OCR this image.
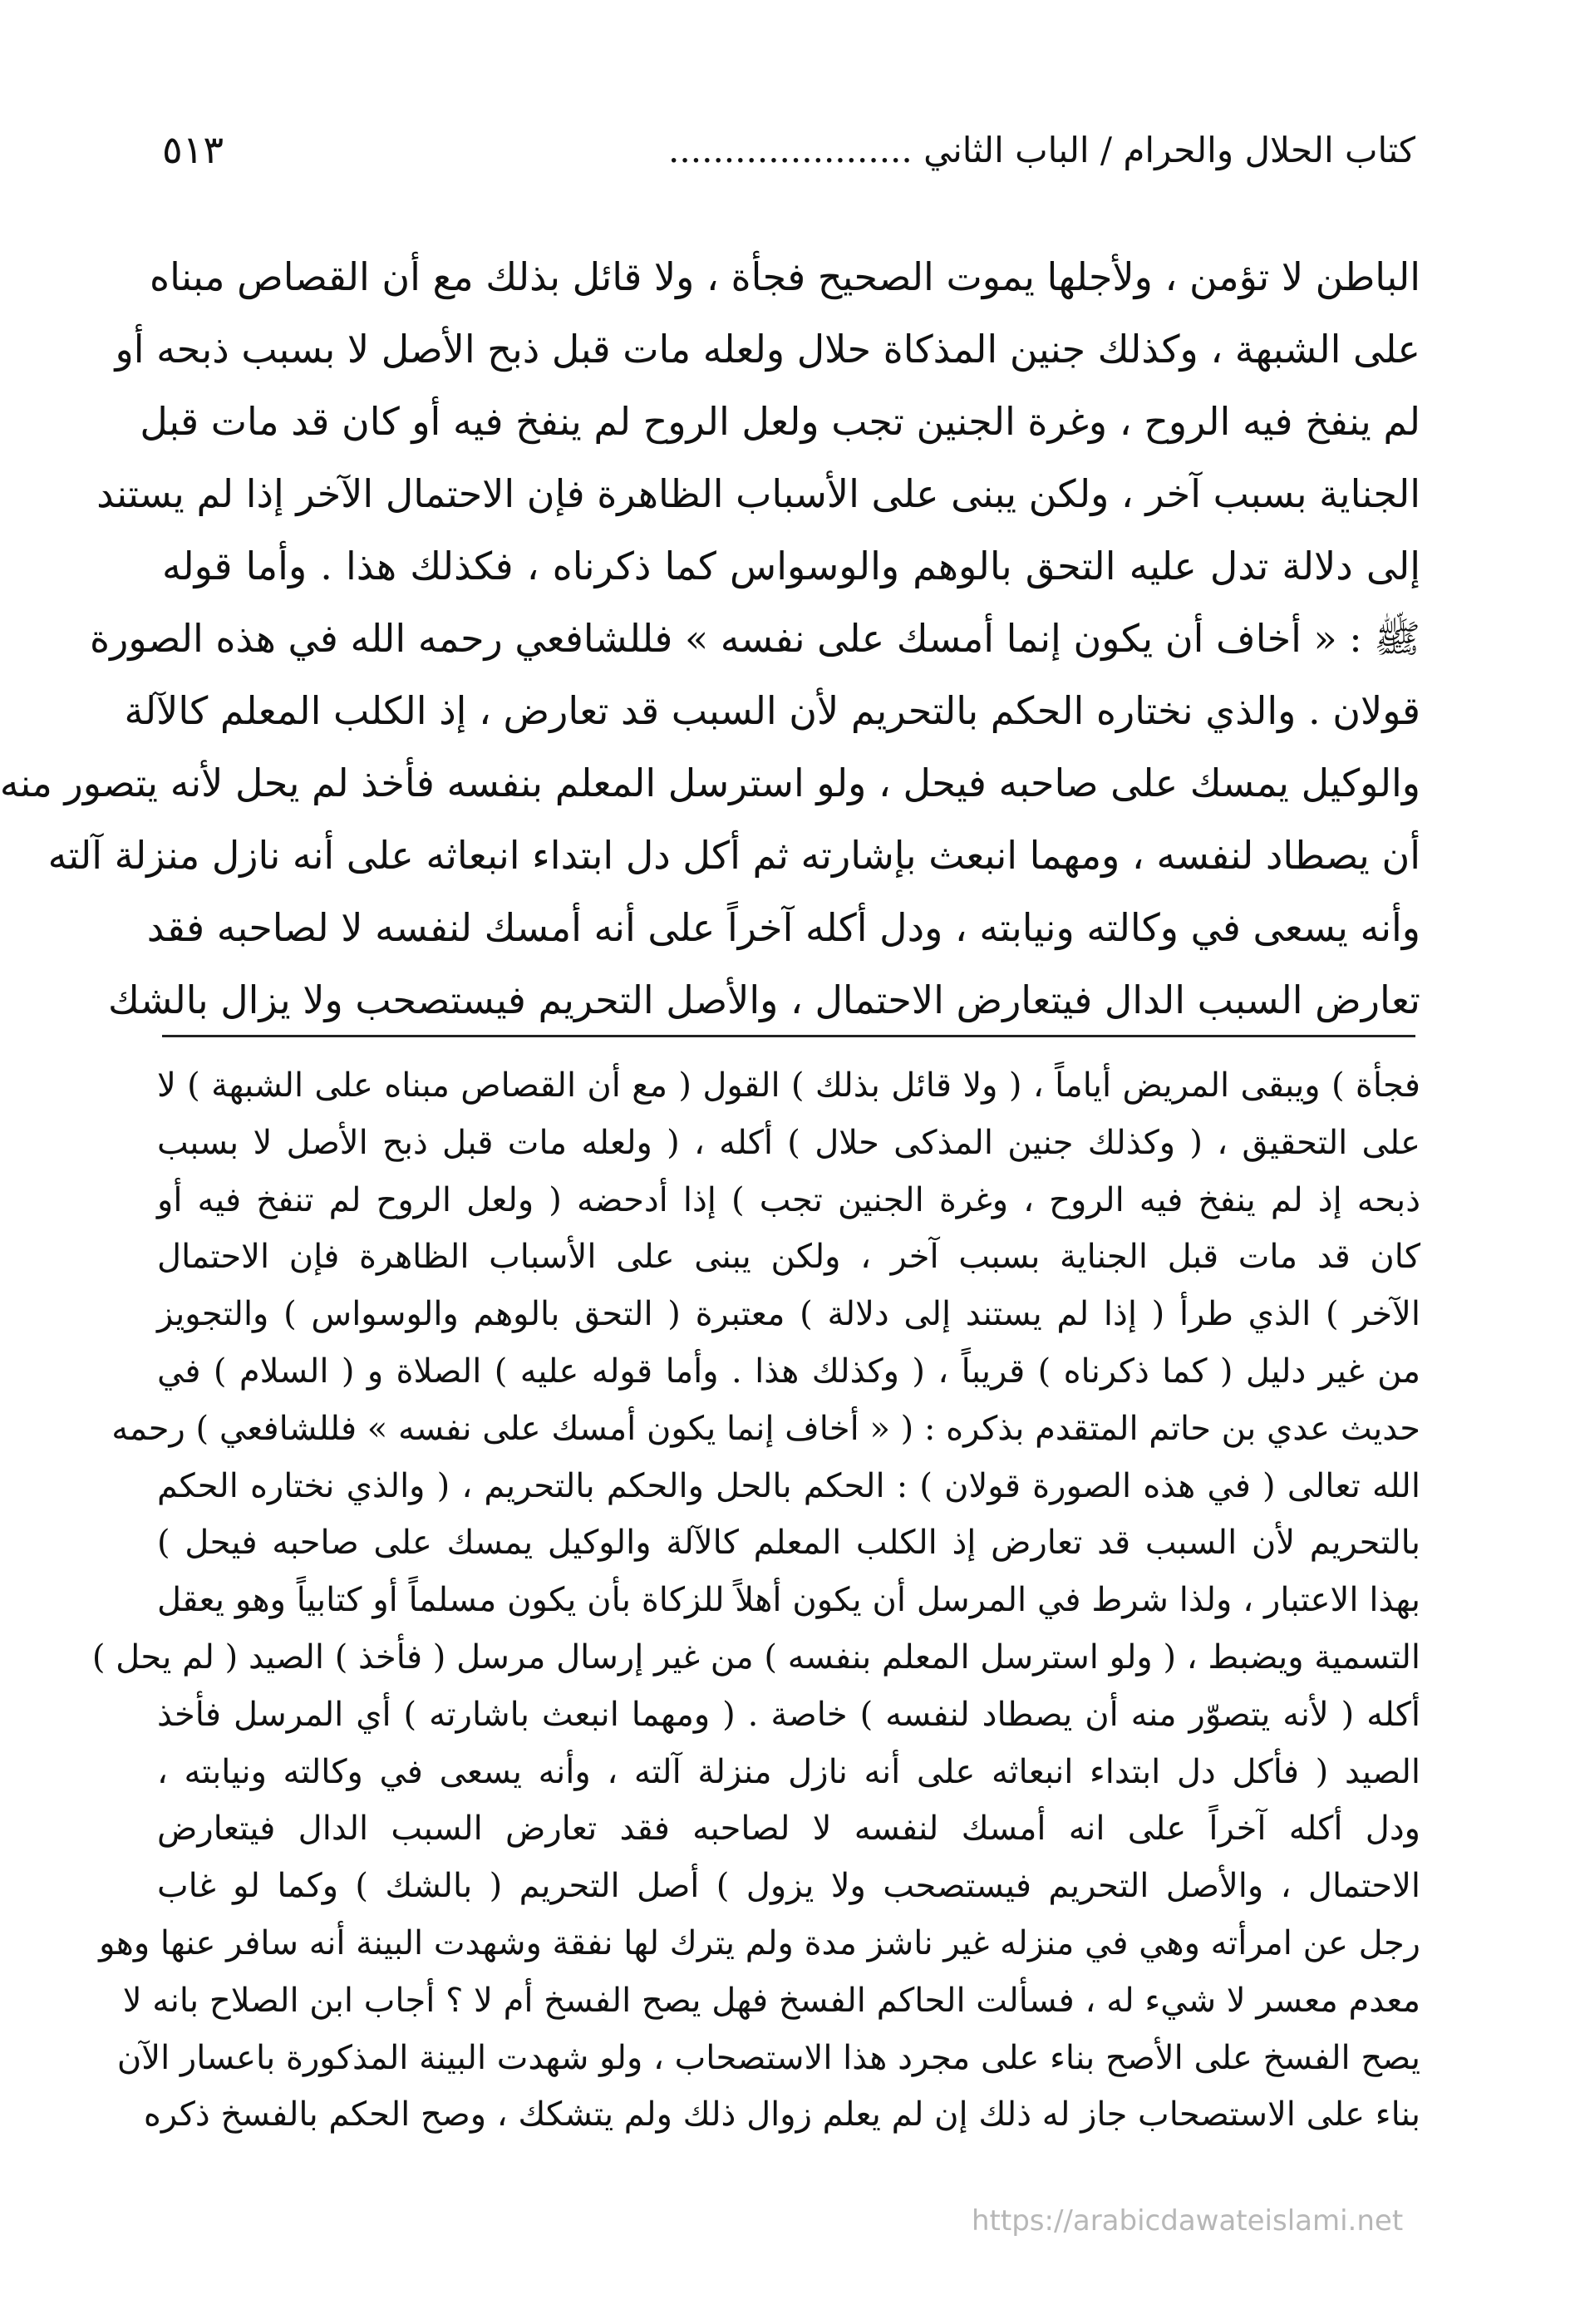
كتاب الحلال والحرام / الباب الثاني ......................
٥١٣
الباطن لا تؤمن ، ولأجلها يموت الصحيح فجأة ، ولا قائل بذلك مع أن القصاص مبناه
على الشبهة ، وكذلك جنين المذكاة حلال ولعله مات قبل ذبح الأصل لا بسبب ذبحه أو
لم ينفخ فيه الروح ، وغرة الجنين تجب ولعل الروح لم ينفخ فيه أو كان قد مات قبل
الجناية بسبب آخر ، ولكن يبنى على الأسباب الظاهرة فإن الاحتمال الآخر إذا لم يستند
إلى دلالة تدل عليه التحق بالوهم والوسواس كما ذكرناه ، فكذلك هذا . وأما قوله
ﷺ : « أخاف أن يكون إنما أمسك على نفسه » فللشافعي رحمه الله في هذه الصورة
قولان . والذي نختاره الحكم بالتحريم لأن السبب قد تعارض ، إذ الكلب المعلم كالآلة
والوكيل يمسك على صاحبه فيحل ، ولو استرسل المعلم بنفسه فأخذ لم يحل لأنه يتصور منه
أن يصطاد لنفسه ، ومهما انبعث بإشارته ثم أكل دل ابتداء انبعاثه على أنه نازل منزلة آلته
وأنه يسعى في وكالته ونيابته ، ودل أكله آخراً على أنه أمسك لنفسه لا لصاحبه فقد
تعارض السبب الدال فيتعارض الاحتمال ، والأصل التحريم فيستصحب ولا يزال بالشك
فجأة ) ويبقى المريض أياماً ، ( ولا قائل بذلك ) القول ( مع أن القصاص مبناه على الشبهة ) لا
على التحقيق ، ( وكذلك جنين المذكى حلال ) أكله ، ( ولعله مات قبل ذبح الأصل لا بسبب
ذبحه إذ لم ينفخ فيه الروح ، وغرة الجنين تجب ) إذا أدحضه ( ولعل الروح لم تنفخ فيه أو
كان قد مات قبل الجناية بسبب آخر ، ولكن يبنى على الأسباب الظاهرة فإن الاحتمال
الآخر ) الذي طرأ ( إذا لم يستند إلى دلالة ) معتبرة ( التحق بالوهم والوسواس ) والتجويز
من غير دليل ( كما ذكرناه ) قريباً ، ( وكذلك هذا . وأما قوله عليه ) الصلاة و ( السلام ) في
حديث عدي بن حاتم المتقدم بذكره : ( « أخاف إنما يكون أمسك على نفسه » فللشافعي ) رحمه
الله تعالى ( في هذه الصورة قولان ) : الحكم بالحل والحكم بالتحريم ، ( والذي نختاره الحكم
بالتحريم لأن السبب قد تعارض إذ الكلب المعلم كالآلة والوكيل يمسك على صاحبه فيحل )
بهذا الاعتبار ، ولذا شرط في المرسل أن يكون أهلاً للزكاة بأن يكون مسلماً أو كتابياً وهو يعقل
التسمية ويضبط ، ( ولو استرسل المعلم بنفسه ) من غير إرسال مرسل ( فأخذ ) الصيد ( لم يحل )
أكله ( لأنه يتصوّر منه أن يصطاد لنفسه ) خاصة . ( ومهما انبعث باشارته ) أي المرسل فأخذ
الصيد ( فأكل دل ابتداء انبعاثه على أنه نازل منزلة آلته ، وأنه يسعى في وكالته ونيابته ،
ودل أكله آخراً على انه أمسك لنفسه لا لصاحبه فقد تعارض السبب الدال فيتعارض
الاحتمال ، والأصل التحريم فيستصحب ولا يزول ) أصل التحريم ( بالشك ) وكما لو غاب
رجل عن امرأته وهي في منزله غير ناشز مدة ولم يترك لها نفقة وشهدت البينة أنه سافر عنها وهو
معدم معسر لا شيء له ، فسألت الحاكم الفسخ فهل يصح الفسخ أم لا ؟ أجاب ابن الصلاح بانه لا
يصح الفسخ على الأصح بناء على مجرد هذا الاستصحاب ، ولو شهدت البينة المذكورة باعسار الآن
بناء على الاستصحاب جاز له ذلك إن لم يعلم زوال ذلك ولم يتشكك ، وصح الحكم بالفسخ ذكره
https://arabicdawateislami.net
